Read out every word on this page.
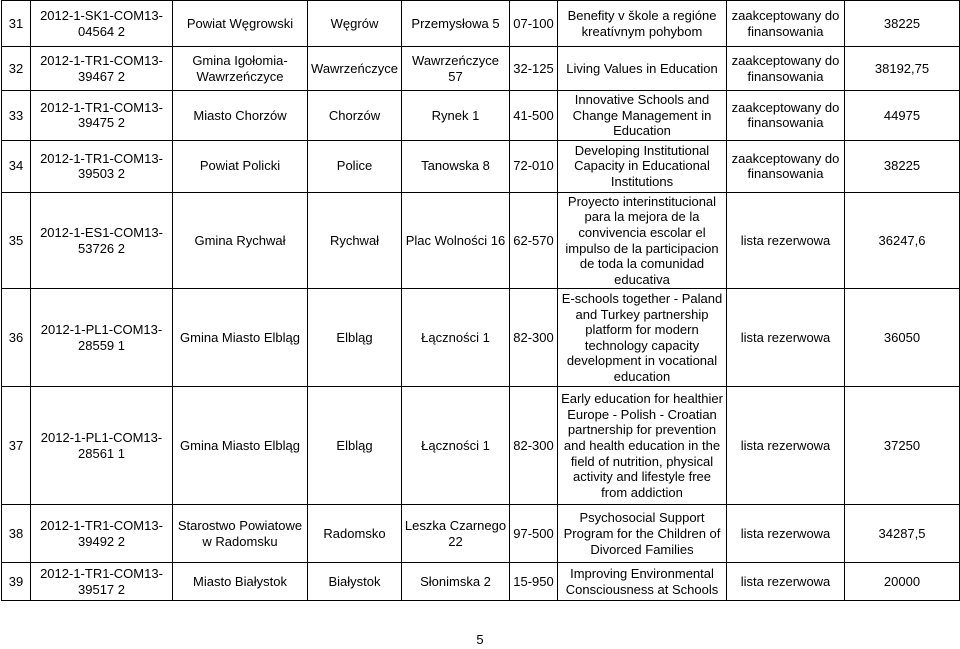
31	2012-1-SK1-COM13-04564 2	Powiat Węgrowski	Węgrów	Przemysłowa 5	07-100	Benefity v škole a regióne kreatívnym pohybom	zaakceptowany do finansowania	38225
32	2012-1-TR1-COM13-39467 2	Gmina Igołomia-Wawrzeńczyce	Wawrzeńczyce	Wawrzeńczyce 57	32-125	Living Values in Education	zaakceptowany do finansowania	38192,75
33	2012-1-TR1-COM13-39475 2	Miasto Chorzów	Chorzów	Rynek 1	41-500	Innovative Schools and Change Management in Education	zaakceptowany do finansowania	44975
34	2012-1-TR1-COM13-39503 2	Powiat Policki	Police	Tanowska 8	72-010	Developing Institutional Capacity in Educational Institutions	zaakceptowany do finansowania	38225
35	2012-1-ES1-COM13-53726 2	Gmina Rychwał	Rychwał	Plac Wolności 16	62-570	Proyecto interinstitucional para la mejora de la convivencia escolar el impulso de la participacion de toda la comunidad educativa	lista rezerwowa	36247,6
36	2012-1-PL1-COM13-28559 1	Gmina Miasto Elbląg	Elbląg	Łączności 1	82-300	E-schools together - Paland and Turkey partnership platform for modern technology capacity development in vocational education	lista rezerwowa	36050
37	2012-1-PL1-COM13-28561 1	Gmina Miasto Elbląg	Elbląg	Łączności 1	82-300	Early education for healthier Europe - Polish - Croatian partnership for prevention and health education in the field of nutrition, physical activity and lifestyle free from addiction	lista rezerwowa	37250
38	2012-1-TR1-COM13-39492 2	Starostwo Powiatowe w Radomsku	Radomsko	Leszka Czarnego 22	97-500	Psychosocial Support Program for the Children of Divorced Families	lista rezerwowa	34287,5
39	2012-1-TR1-COM13-39517 2	Miasto Białystok	Białystok	Słonimska 2	15-950	Improving Environmental Consciousness at Schools	lista rezerwowa	20000
5
